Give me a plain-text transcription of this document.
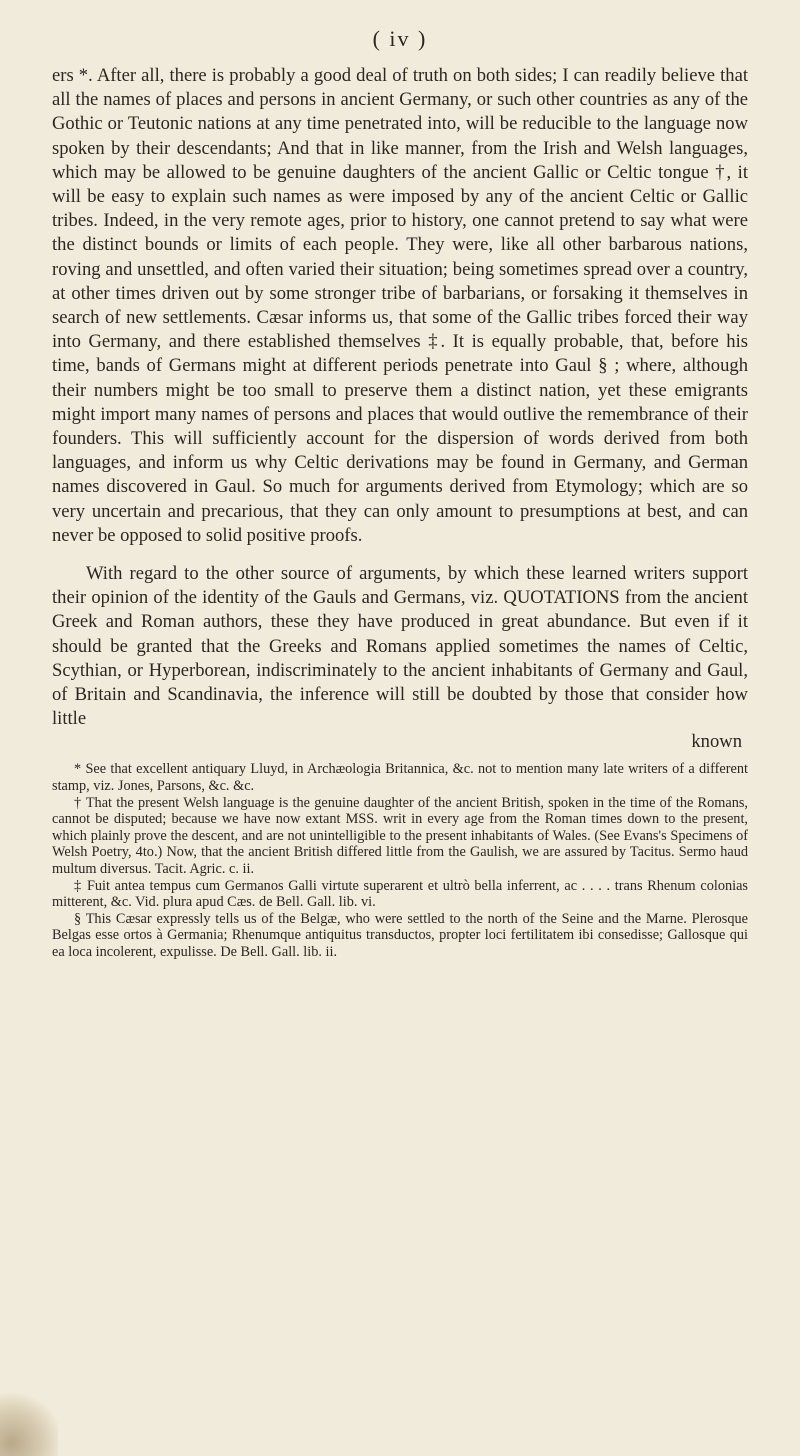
( iv )

ers *. After all, there is probably a good deal of truth on both sides; I can readily believe that all the names of places and persons in ancient Germany, or such other countries as any of the Gothic or Teutonic nations at any time penetrated into, will be reducible to the language now spoken by their descendants; And that in like manner, from the Irish and Welsh languages, which may be allowed to be genuine daughters of the ancient Gallic or Celtic tongue †, it will be easy to explain such names as were imposed by any of the ancient Celtic or Gallic tribes. Indeed, in the very remote ages, prior to history, one cannot pretend to say what were the distinct bounds or limits of each people. They were, like all other barbarous nations, roving and unsettled, and often varied their situation; being sometimes spread over a country, at other times driven out by some stronger tribe of barbarians, or forsaking it themselves in search of new settlements. Cæsar informs us, that some of the Gallic tribes forced their way into Germany, and there established themselves ‡. It is equally probable, that, before his time, bands of Germans might at different periods penetrate into Gaul § ; where, although their numbers might be too small to preserve them a distinct nation, yet these emigrants might import many names of persons and places that would outlive the remembrance of their founders. This will sufficiently account for the dispersion of words derived from both languages, and inform us why Celtic derivations may be found in Germany, and German names discovered in Gaul. So much for arguments derived from Etymology; which are so very uncertain and precarious, that they can only amount to presumptions at best, and can never be opposed to solid positive proofs.

With regard to the other source of arguments, by which these learned writers support their opinion of the identity of the Gauls and Germans, viz. QUOTATIONS from the ancient Greek and Roman authors, these they have produced in great abundance. But even if it should be granted that the Greeks and Romans applied sometimes the names of Celtic, Scythian, or Hyperborean, indiscriminately to the ancient inhabitants of Germany and Gaul, of Britain and Scandinavia, the inference will still be doubted by those that consider how little

known

* See that excellent antiquary Lluyd, in Archæologia Britannica, &c. not to mention many late writers of a different stamp, viz. Jones, Parsons, &c. &c.

† That the present Welsh language is the genuine daughter of the ancient British, spoken in the time of the Romans, cannot be disputed; because we have now extant MSS. writ in every age from the Roman times down to the present, which plainly prove the descent, and are not unintelligible to the present inhabitants of Wales. (See Evans's Specimens of Welsh Poetry, 4to.) Now, that the ancient British differed little from the Gaulish, we are assured by Tacitus. Sermo haud multum diversus. Tacit. Agric. c. ii.

‡ Fuit antea tempus cum Germanos Galli virtute superarent et ultrò bella inferrent, ac . . . . trans Rhenum colonias mitterent, &c. Vid. plura apud Cæs. de Bell. Gall. lib. vi.

§ This Cæsar expressly tells us of the Belgæ, who were settled to the north of the Seine and the Marne. Plerosque Belgas esse ortos à Germania; Rhenumque antiquitus transductos, propter loci fertilitatem ibi consedisse; Gallosque qui ea loca incolerent, expulisse. De Bell. Gall. lib. ii.
